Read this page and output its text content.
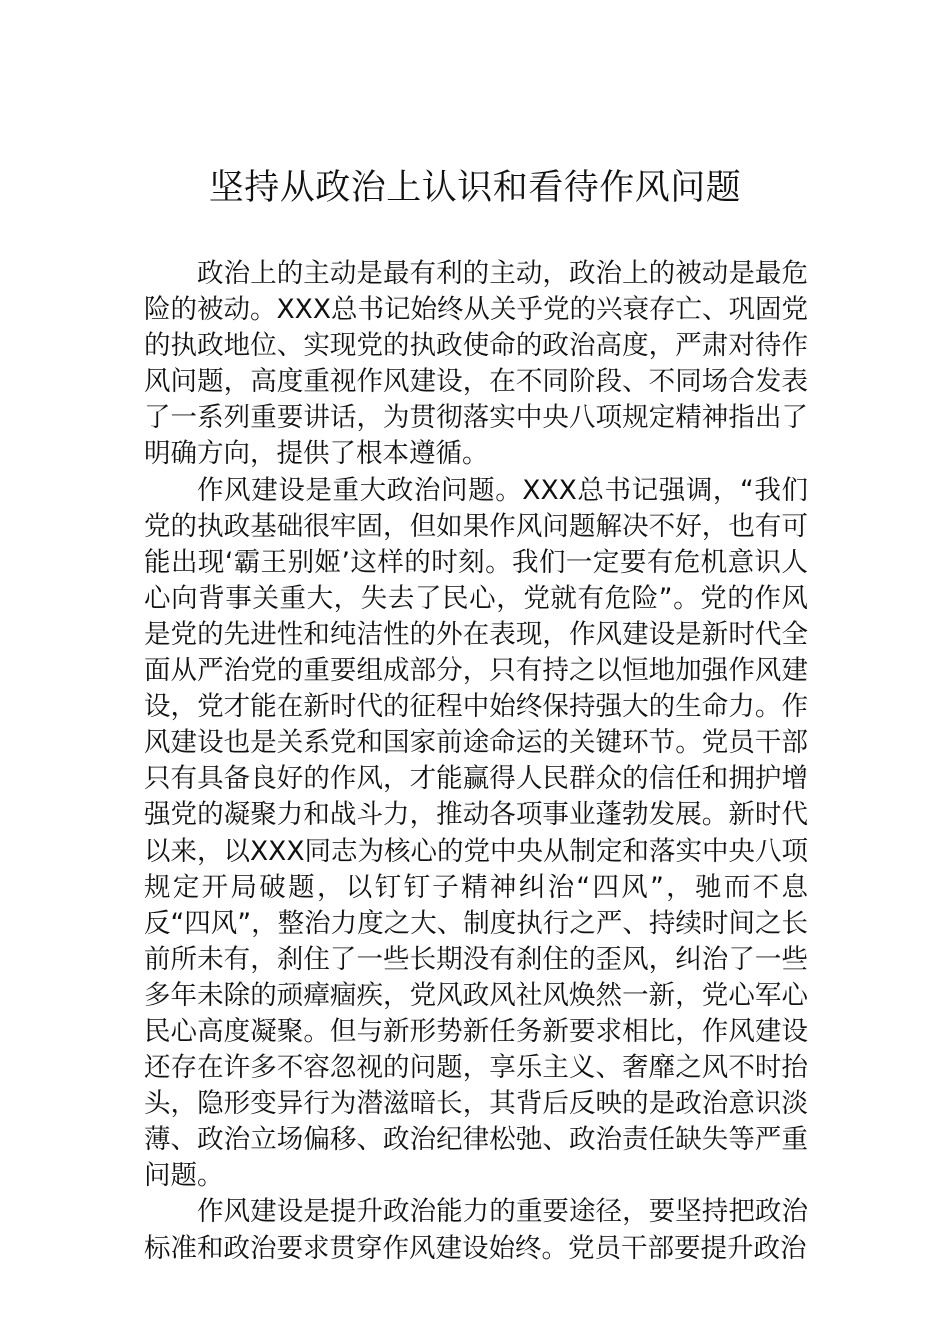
坚持从政治上认识和看待作风问题

政治上的主动是最有利的主动，政治上的被动是最危险的被动。XXX总书记始终从关乎党的兴衰存亡、巩固党的执政地位、实现党的执政使命的政治高度，严肃对待作风问题，高度重视作风建设，在不同阶段、不同场合发表了一系列重要讲话，为贯彻落实中央八项规定精神指出了明确方向，提供了根本遵循。

作风建设是重大政治问题。XXX总书记强调，“我们党的执政基础很牢固，但如果作风问题解决不好，也有可能出现‘霸王别姬’这样的时刻。我们一定要有危机意识人心向背事关重大，失去了民心，党就有危险”。党的作风是党的先进性和纯洁性的外在表现，作风建设是新时代全面从严治党的重要组成部分，只有持之以恒地加强作风建设，党才能在新时代的征程中始终保持强大的生命力。作风建设也是关系党和国家前途命运的关键环节。党员干部只有具备良好的作风，才能赢得人民群众的信任和拥护增强党的凝聚力和战斗力，推动各项事业蓬勃发展。新时代以来，以XXX同志为核心的党中央从制定和落实中央八项规定开局破题，以钉钉子精神纠治“四风”，驰而不息反“四风”，整治力度之大、制度执行之严、持续时间之长前所未有，刹住了一些长期没有刹住的歪风，纠治了一些多年未除的顽瘴痼疾，党风政风社风焕然一新，党心军心民心高度凝聚。但与新形势新任务新要求相比，作风建设还存在许多不容忽视的问题，享乐主义、奢靡之风不时抬头，隐形变异行为潜滋暗长，其背后反映的是政治意识淡薄、政治立场偏移、政治纪律松弛、政治责任缺失等严重问题。

作风建设是提升政治能力的重要途径，要坚持把政治标准和政治要求贯穿作风建设始终。党员干部要提升政治
